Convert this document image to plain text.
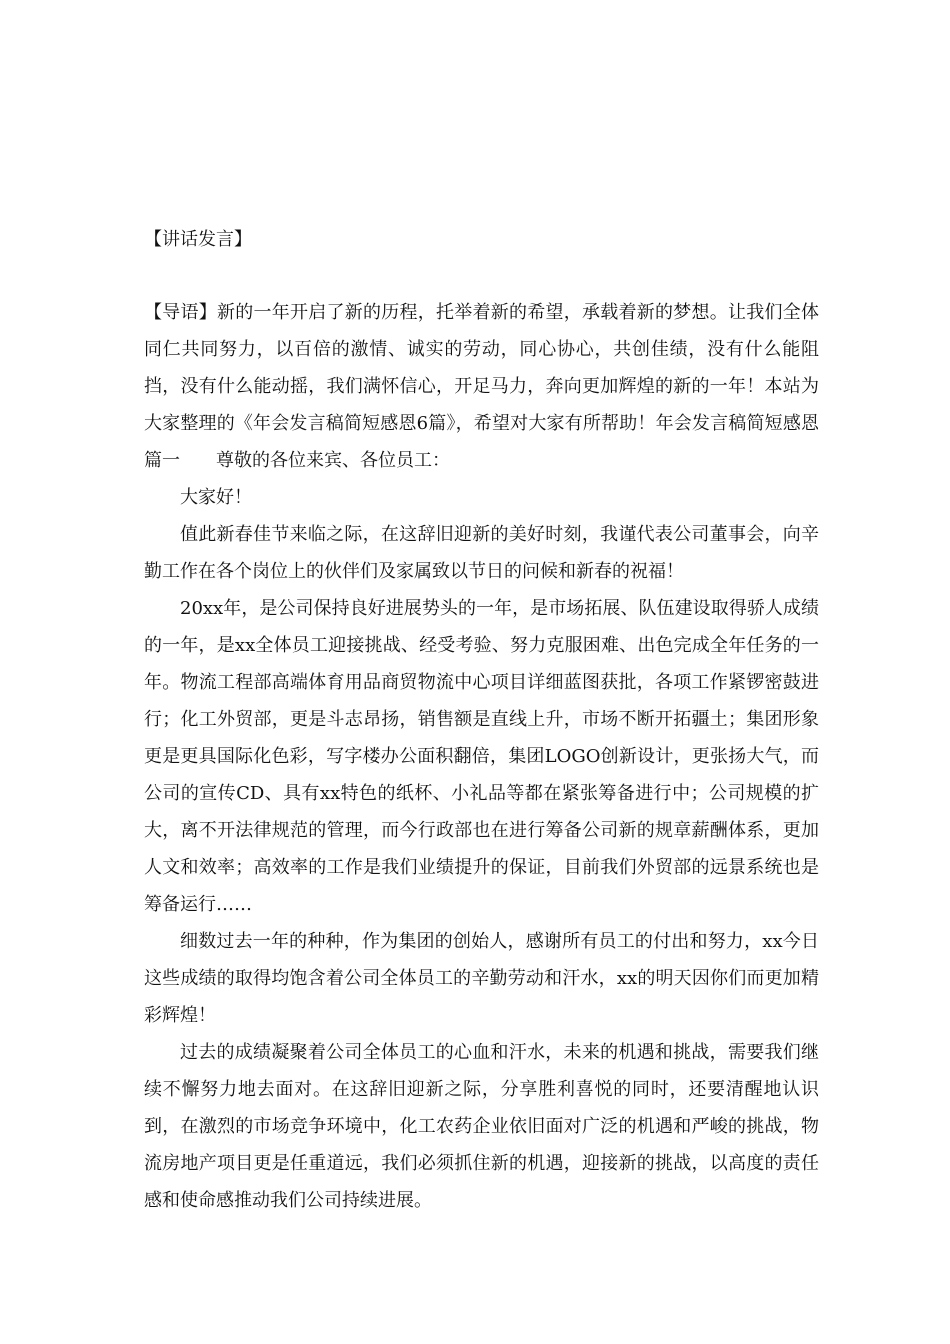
【讲话发言】

【导语】新的一年开启了新的历程，托举着新的希望，承载着新的梦想。让我们全体同仁共同努力，以百倍的激情、诚实的劳动，同心协心，共创佳绩，没有什么能阻挡，没有什么能动摇，我们满怀信心，开足马力，奔向更加辉煌的新的一年！本站为大家整理的《年会发言稿简短感恩6篇》，希望对大家有所帮助！年会发言稿简短感恩篇一 尊敬的各位来宾、各位员工：

大家好！

值此新春佳节来临之际，在这辞旧迎新的美好时刻，我谨代表公司董事会，向辛勤工作在各个岗位上的伙伴们及家属致以节日的问候和新春的祝福！

20xx年，是公司保持良好进展势头的一年，是市场拓展、队伍建设取得骄人成绩的一年，是xx全体员工迎接挑战、经受考验、努力克服困难、出色完成全年任务的一年。物流工程部高端体育用品商贸物流中心项目详细蓝图获批，各项工作紧锣密鼓进行；化工外贸部，更是斗志昂扬，销售额是直线上升，市场不断开拓疆土；集团形象更是更具国际化色彩，写字楼办公面积翻倍，集团LOGO创新设计，更张扬大气，而公司的宣传CD、具有xx特色的纸杯、小礼品等都在紧张筹备进行中；公司规模的扩大，离不开法律规范的管理，而今行政部也在进行筹备公司新的规章薪酬体系，更加人文和效率；高效率的工作是我们业绩提升的保证，目前我们外贸部的远景系统也是筹备运行……

细数过去一年的种种，作为集团的创始人，感谢所有员工的付出和努力，xx今日这些成绩的取得均饱含着公司全体员工的辛勤劳动和汗水，xx的明天因你们而更加精彩辉煌！

过去的成绩凝聚着公司全体员工的心血和汗水，未来的机遇和挑战，需要我们继续不懈努力地去面对。在这辞旧迎新之际，分享胜利喜悦的同时，还要清醒地认识到，在激烈的市场竞争环境中，化工农药企业依旧面对广泛的机遇和严峻的挑战，物流房地产项目更是任重道远，我们必须抓住新的机遇，迎接新的挑战，以高度的责任感和使命感推动我们公司持续进展。
